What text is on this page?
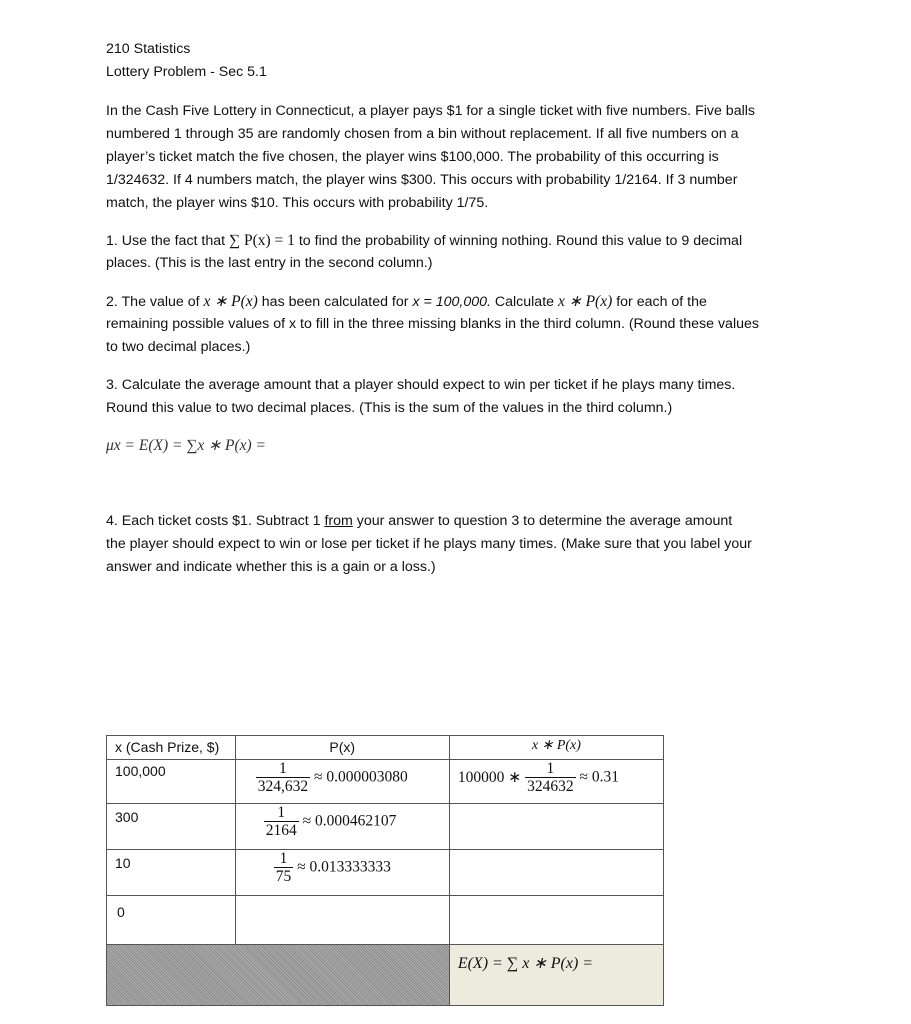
210 Statistics
Lottery Problem - Sec 5.1
In the Cash Five Lottery in Connecticut, a player pays $1 for a single ticket with five numbers. Five balls
numbered 1 through 35 are randomly chosen from a bin without replacement. If all five numbers on a
player’s ticket match the five chosen, the player wins $100,000. The probability of this occurring is
1/324632. If 4 numbers match, the player wins $300. This occurs with probability 1/2164. If 3 number
match, the player wins $10. This occurs with probability 1/75.
1. Use the fact that ∑ P(x) = 1 to find the probability of winning nothing. Round this value to 9 decimal
places. (This is the last entry in the second column.)
2. The value of x ∗ P(x) has been calculated for x = 100,000. Calculate x ∗ P(x) for each of the
remaining possible values of x to fill in the three missing blanks in the third column. (Round these values
to two decimal places.)
3. Calculate the average amount that a player should expect to win per ticket if he plays many times.
Round this value to two decimal places. (This is the sum of the values in the third column.)
μx = E(X) = ∑x ∗ P(x) =
4. Each ticket costs $1. Subtract 1 from your answer to question 3 to determine the average amount
the player should expect to win or lose per ticket if he plays many times. (Make sure that you label your
answer and indicate whether this is a gain or a loss.)
x (Cash Prize, $)	P(x)	x ∗ P(x)
100,000	$\frac{1}{324,632} \approx 0.000003080$	100000 ∗ $\frac{1}{324632} \approx 0.31$
300	$\frac{1}{2164} \approx 0.000462107$	
10	$\frac{1}{75} \approx 0.013333333$	
0		
		E(X) = ∑ x ∗ P(x) =
